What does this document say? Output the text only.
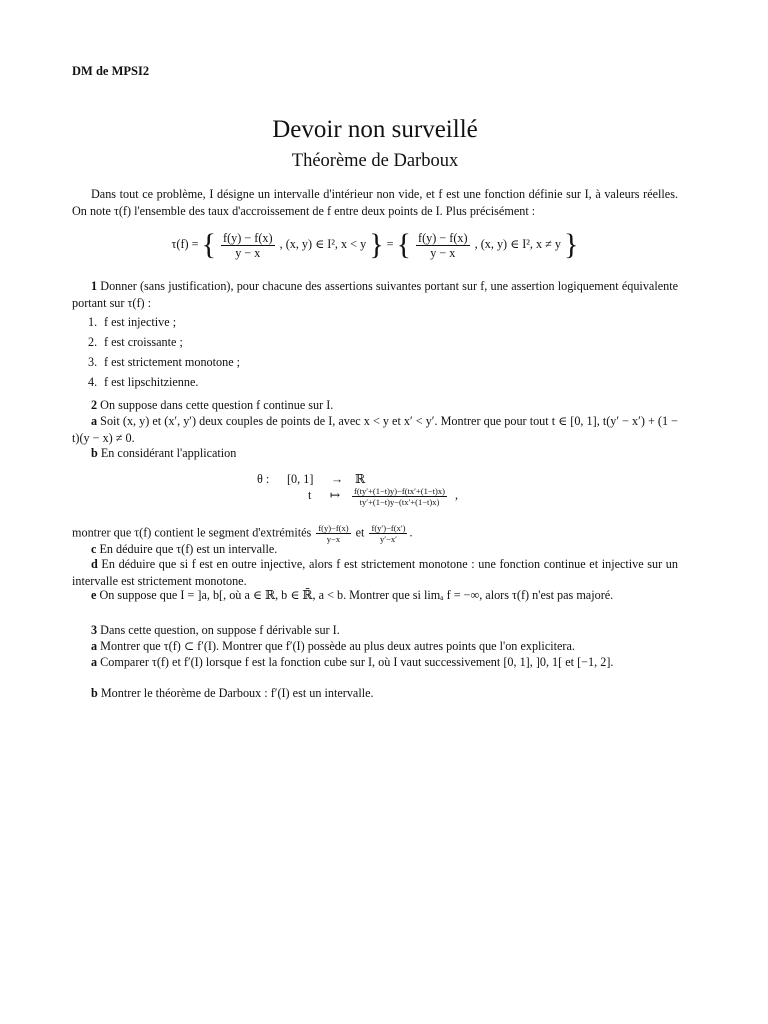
DM de MPSI2
Devoir non surveillé
Théorème de Darboux
Dans tout ce problème, I désigne un intervalle d'intérieur non vide, et f est une fonction définie sur I, à valeurs réelles. On note τ(f) l'ensemble des taux d'accroissement de f entre deux points de I. Plus précisément :
τ(f) = { $\frac{f(y) - f(x)}{y - x}$ , (x, y) ∈ I², x < y } = { $\frac{f(y) - f(x)}{y - x}$ , (x, y) ∈ I², x ≠ y }
1 Donner (sans justification), pour chacune des assertions suivantes portant sur f, une assertion logiquement équivalente portant sur τ(f) :
1. f est injective ;
2. f est croissante ;
3. f est strictement monotone ;
4. f est lipschitzienne.
2 On suppose dans cette question f continue sur I.
a Soit (x, y) et (x′, y′) deux couples de points de I, avec x < y et x′ < y′. Montrer que pour tout t ∈ [0, 1], t(y′ − x′) + (1 − t)(y − x) ≠ 0.
b En considérant l'application
θ : [0, 1] → ℝ
t ↦ $\frac{f(ty'+(1-t)y)-f(tx'+(1-t)x)}{ty'+(1-t)y-(tx'+(1-t)x)}$ ,
montrer que τ(f) contient le segment d'extrémités $\frac{f(y)-f(x)}{y-x}$ et $\frac{f(y')-f(x')}{y'-x'}$ .
c En déduire que τ(f) est un intervalle.
d En déduire que si f est en outre injective, alors f est strictement monotone : une fonction continue et injective sur un intervalle est strictement monotone.
e On suppose que I = ]a, b[, où a ∈ ℝ, b ∈ ℝ̄, a < b. Montrer que si limₐ f = −∞, alors τ(f) n'est pas majoré.
3 Dans cette question, on suppose f dérivable sur I.
a Montrer que τ(f) ⊂ f′(I). Montrer que f′(I) possède au plus deux autres points que l'on explicitera.
a Comparer τ(f) et f′(I) lorsque f est la fonction cube sur I, où I vaut successivement [0, 1], ]0, 1[ et [−1, 2].
b Montrer le théorème de Darboux : f′(I) est un intervalle.
